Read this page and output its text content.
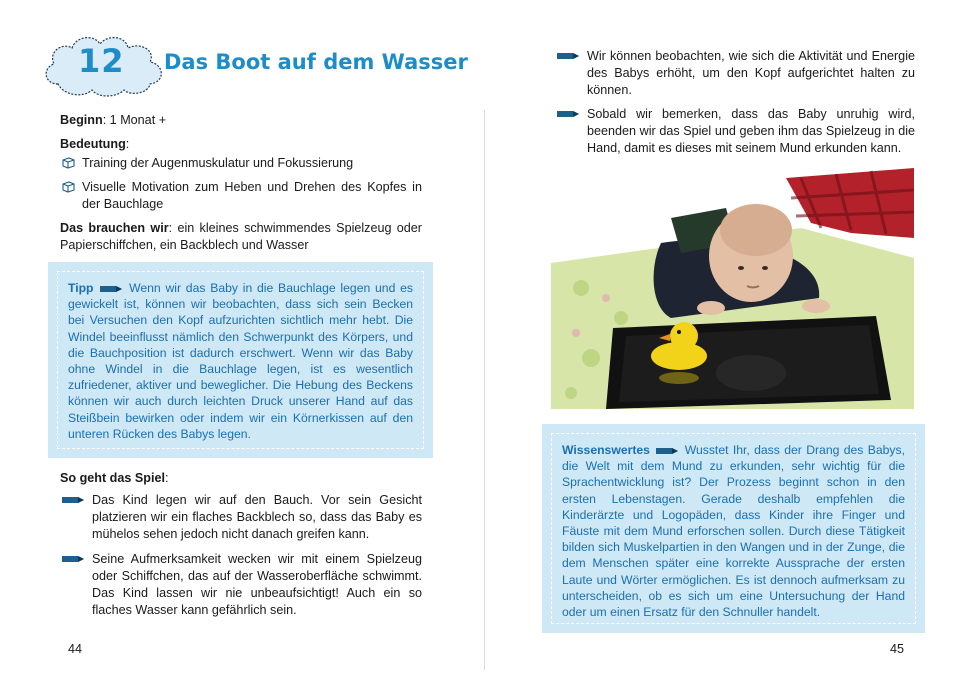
12 Das Boot auf dem Wasser
Beginn: 1 Monat +
Bedeutung:
Training der Augenmuskulatur und Fokussierung
Visuelle Motivation zum Heben und Drehen des Kopfes in der Bauchlage
Das brauchen wir: ein kleines schwimmendes Spielzeug oder Papierschiffchen, ein Backblech und Wasser
Tipp	Wenn wir das Baby in die Bauchlage legen und es gewickelt ist, können wir beobachten, dass sich sein Becken bei Versuchen den Kopf aufzurichten sichtlich mehr hebt. Die Windel beeinflusst nämlich den Schwerpunkt des Körpers, und die Bauchposition ist dadurch erschwert. Wenn wir das Baby ohne Windel in die Bauchlage legen, ist es wesentlich zufriedener, aktiver und beweglicher. Die Hebung des Beckens können wir auch durch leichten Druck unserer Hand auf das Steißbein bewirken oder indem wir ein Körnerkissen auf den unteren Rücken des Babys legen.
So geht das Spiel:
Das Kind legen wir auf den Bauch. Vor sein Gesicht platzieren wir ein flaches Backblech so, dass das Baby es mühelos sehen jedoch nicht danach greifen kann.
Seine Aufmerksamkeit wecken wir mit einem Spielzeug oder Schiffchen, das auf der Wasseroberfläche schwimmt. Das Kind lassen wir nie unbeaufsichtigt! Auch ein so flaches Wasser kann gefährlich sein.
44	45
Wir können beobachten, wie sich die Aktivität und Energie des Babys erhöht, um den Kopf aufgerichtet halten zu können.
Sobald wir bemerken, dass das Baby unruhig wird, beenden wir das Spiel und geben ihm das Spielzeug in die Hand, damit es dieses mit seinem Mund erkunden kann.
Wissenswertes	Wusstet Ihr, dass der Drang des Babys, die Welt mit dem Mund zu erkunden, sehr wichtig für die Sprachentwicklung ist? Der Prozess beginnt schon in den ersten Lebenstagen. Gerade deshalb empfehlen die Kinderärzte und Logopäden, dass Kinder ihre Finger und Fäuste mit dem Mund erforschen sollen. Durch diese Tätigkeit bilden sich Muskelpartien in den Wangen und in der Zunge, die dem Menschen später eine korrekte Aussprache der ersten Laute und Wörter ermöglichen. Es ist dennoch aufmerksam zu unterscheiden, ob es sich um eine Untersuchung der Hand oder um einen Ersatz für den Schnuller handelt.
